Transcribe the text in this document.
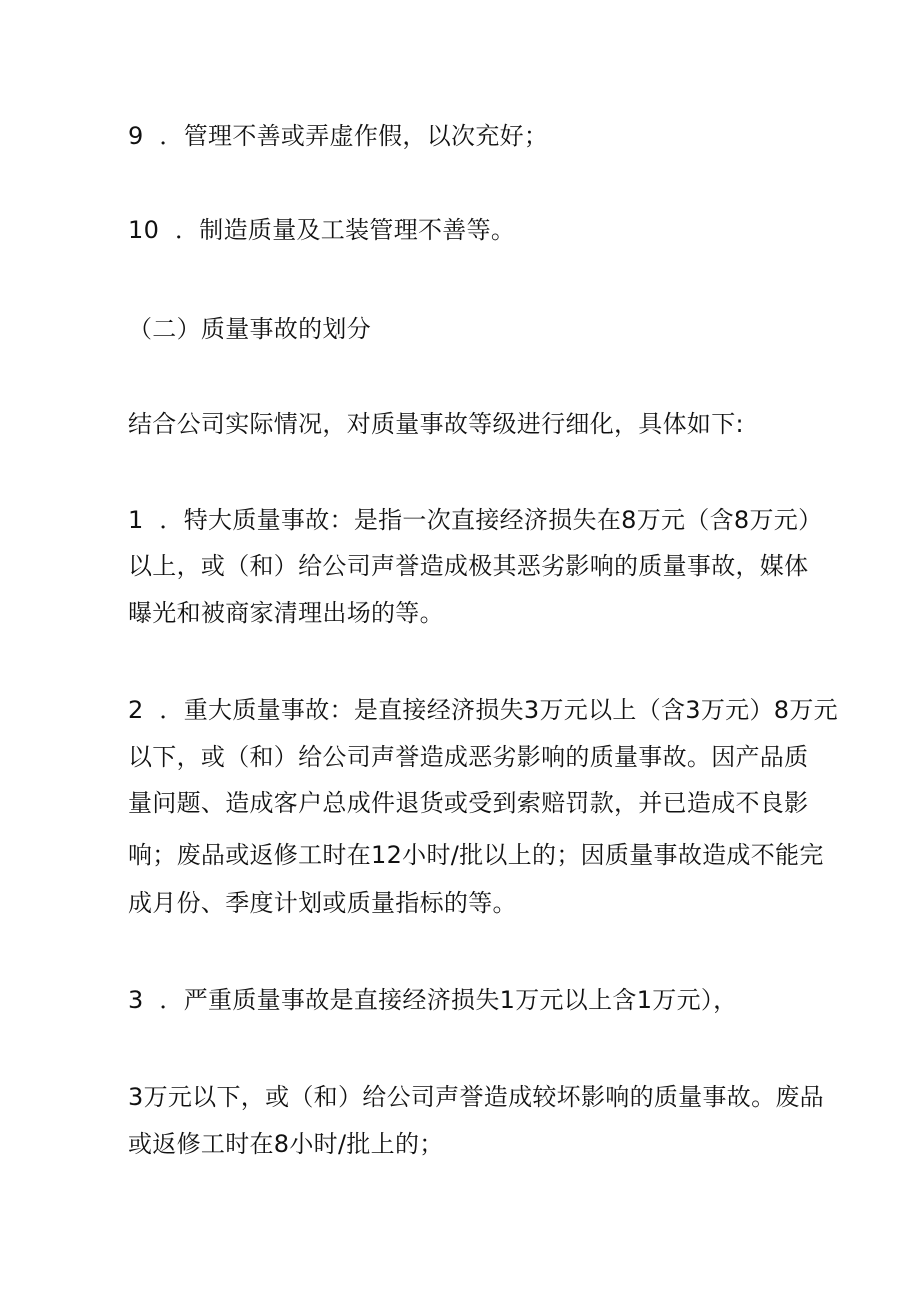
9  ．管理不善或弄虚作假，以次充好；
10  ．制造质量及工装管理不善等。
（二）质量事故的划分
结合公司实际情况，对质量事故等级进行细化，具体如下:
1  ．特大质量事故：是指一次直接经济损失在8万元（含8万元）
以上，或（和）给公司声誉造成极其恶劣影响的质量事故，媒体
曝光和被商家清理出场的等。
2  ．重大质量事故：是直接经济损失3万元以上（含3万元）8万元
以下，或（和）给公司声誉造成恶劣影响的质量事故。因产品质
量问题、造成客户总成件退货或受到索赔罚款，并已造成不良影
响；废品或返修工时在12小时/批以上的；因质量事故造成不能完
成月份、季度计划或质量指标的等。
3  ．严重质量事故是直接经济损失1万元以上含1万元），
3万元以下，或（和）给公司声誉造成较坏影响的质量事故。废品
或返修工时在8小时/批上的；
